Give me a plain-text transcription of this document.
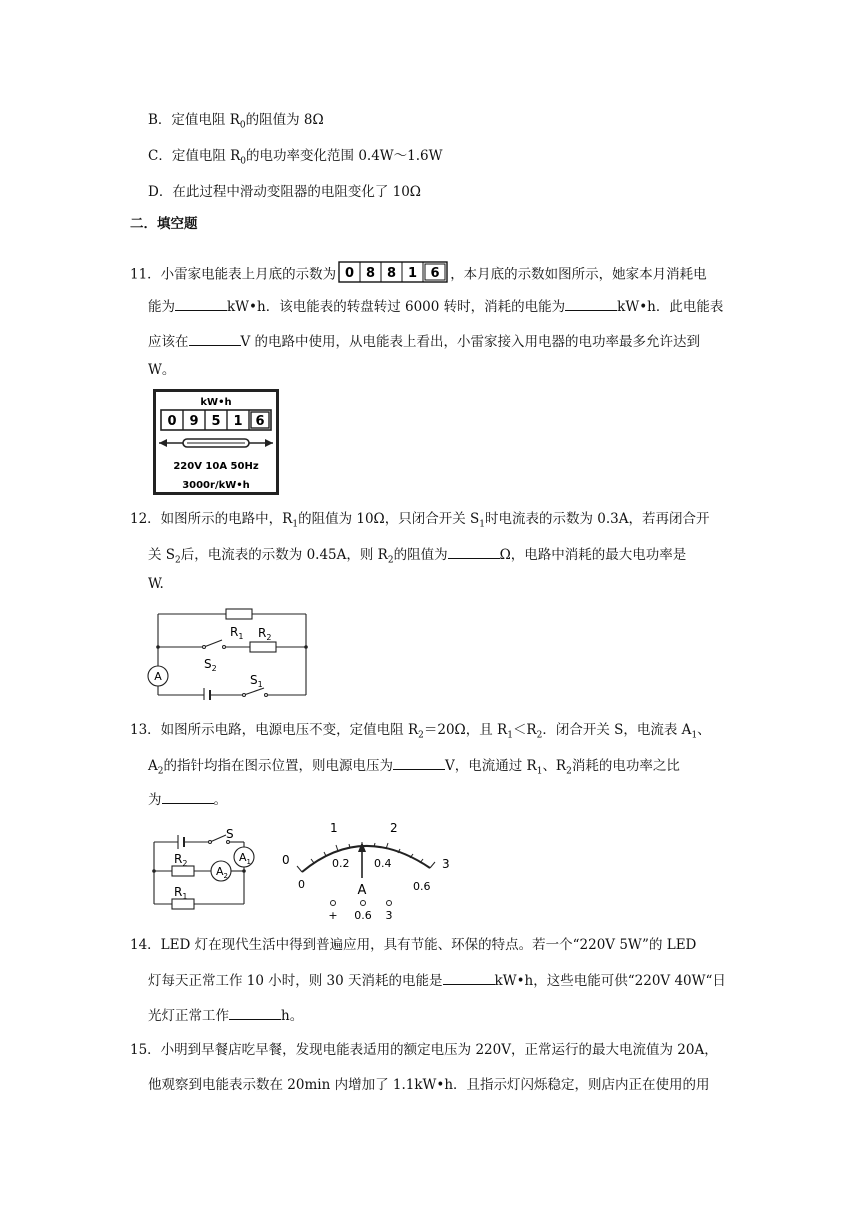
B．定值电阻 $R_0$的阻值为 8Ω
C．定值电阻 $R_0$的电功率变化范围 0.4W～1.6W
D．在此过程中滑动变阻器的电阻变化了 10Ω
二．填空题
11．小雷家电能表上月底的示数为 0 8 8 1 6 ，本月底的示数如图所示，她家本月消耗电
能为	kW•h．该电能表的转盘转过 6000 转时，消耗的电能为	kW•h．此电能表
应该在	V 的电路中使用，从电能表上看出，小雷家接入用电器的电功率最多允许达到
W。
kW•h
0 9 5 1 6
220V 10A 50Hz
3000r/kW•h
12．如图所示的电路中，$R_1$的阻值为 10Ω，只闭合开关 $S_1$时电流表的示数为 0.3A，若再闭合开
关 $S_2$后，电流表的示数为 0.45A，则 $R_2$的阻值为	Ω，电路中消耗的最大电功率是
W.
A
$R_1$ $R_2$
$S_2$
$S_1$
13．如图所示电路，电源电压不变，定值电阻 $R_2=20\Omega$，且 $R_1<R_2$．闭合开关 S，电流表 $A_1$、
$A_2$的指针均指在图示位置，则电源电压为	V，电流通过 $R_1$、$R_2$消耗的电功率之比
为	。
S
$A_1$
$A_2$
$R_2$
$R_1$
0
1	2
3
0
0.2 0.4
0.6
A
+ 0.6 3
14．LED 灯在现代生活中得到普遍应用，具有节能、环保的特点。若一个“220V 5W”的 LED
灯每天正常工作 10 小时，则 30 天消耗的电能是	kW•h，这些电能可供“220V 40W“日
光灯正常工作	h。
15．小明到早餐店吃早餐，发现电能表适用的额定电压为 220V，正常运行的最大电流值为 20A，
他观察到电能表示数在 20min 内增加了 1.1kW•h．且指示灯闪烁稳定，则店内正在使用的用
